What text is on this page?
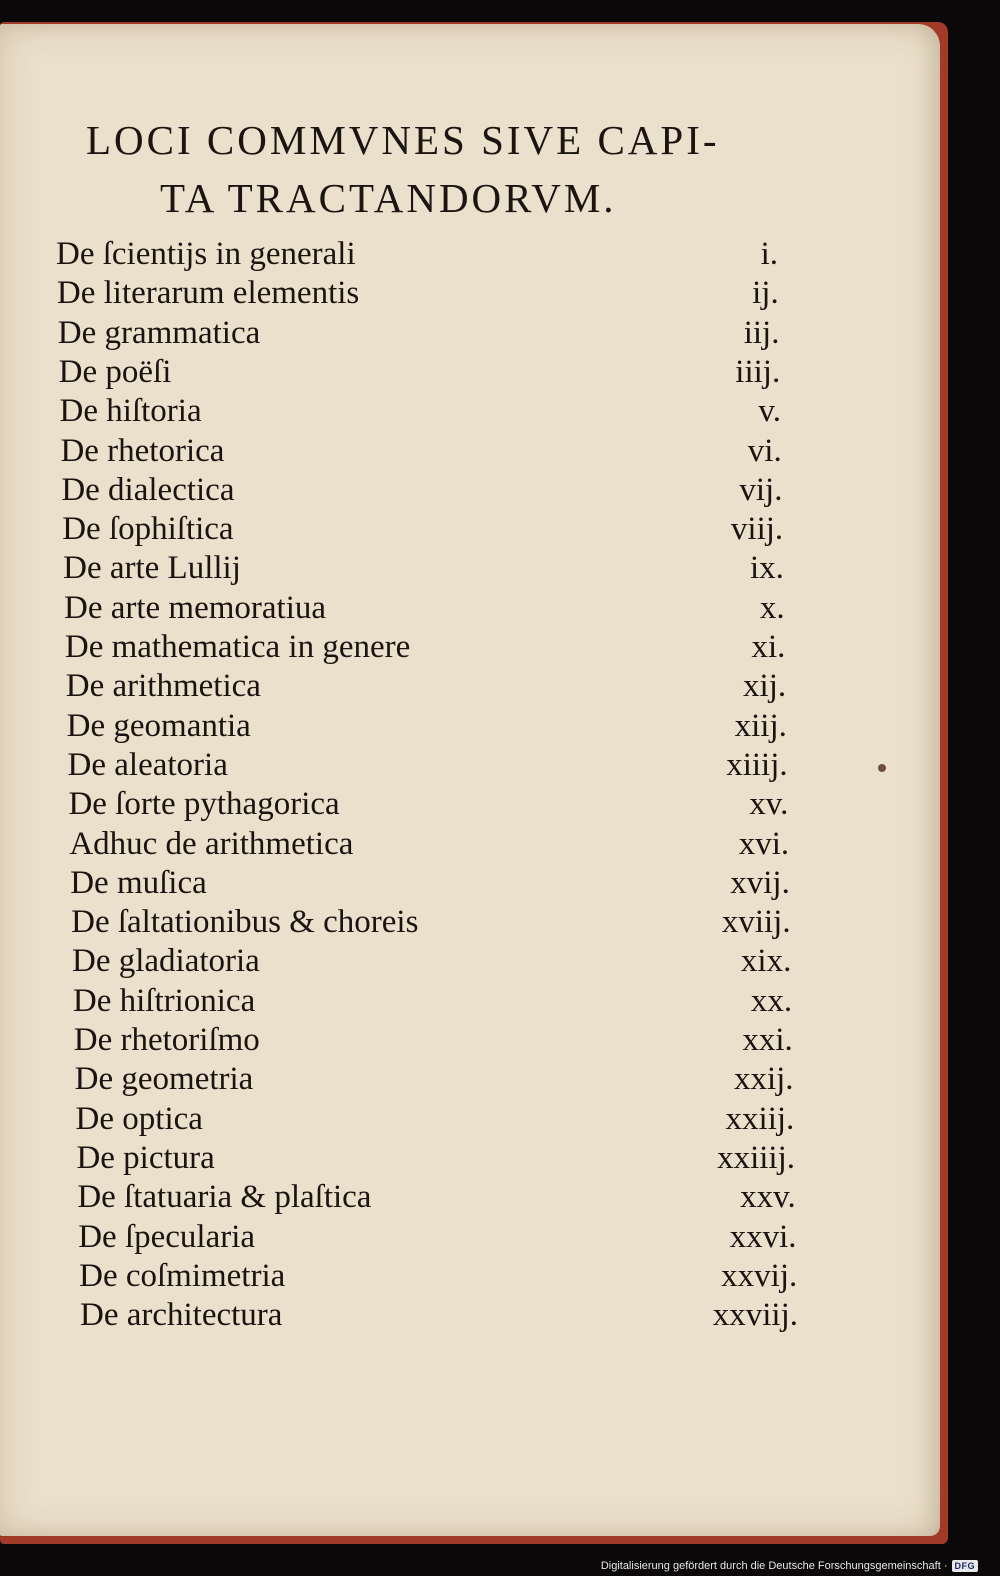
LOCI COMMVNES SIVE CAPI-
TA TRACTANDORVM.
De ſcientijs in generali	i.
De literarum elementis	ij.
De grammatica	iij.
De poëſi	iiij.
De hiſtoria	v.
De rhetorica	vi.
De dialectica	vij.
De ſophiſtica	viij.
De arte Lullij	ix.
De arte memoratiua	x.
De mathematica in genere	xi.
De arithmetica	xij.
De geomantia	xiij.
De aleatoria	xiiij.
De ſorte pythagorica	xv.
Adhuc de arithmetica	xvi.
De muſica	xvij.
De ſaltationibus & choreis	xviij.
De gladiatoria	xix.
De hiſtrionica	xx.
De rhetoriſmo	xxi.
De geometria	xxij.
De optica	xxiij.
De pictura	xxiiij.
De ſtatuaria & plaſtica	xxv.
De ſpecularia	xxvi.
De coſmimetria	xxvij.
De architectura	xxviij.
Digitalisierung gefördert durch die Deutsche Forschungsgemeinschaft · DFG
